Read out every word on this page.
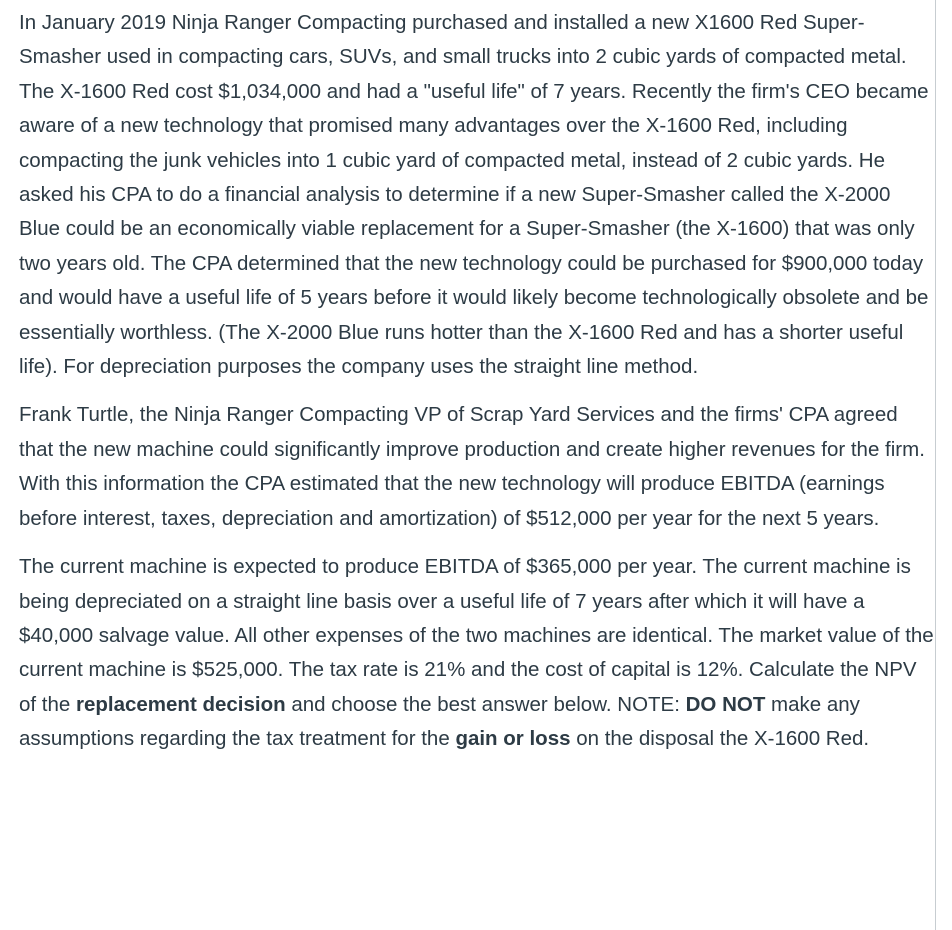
In January 2019 Ninja Ranger Compacting purchased and installed a new X1600 Red Super-Smasher used in compacting cars, SUVs, and small trucks into 2 cubic yards of compacted metal. The X-1600 Red cost $1,034,000 and had a "useful life" of 7 years. Recently the firm's CEO became aware of a new technology that promised many advantages over the X-1600 Red, including compacting the junk vehicles into 1 cubic yard of compacted metal, instead of 2 cubic yards. He asked his CPA to do a financial analysis to determine if a new Super-Smasher called the X-2000 Blue could be an economically viable replacement for a Super-Smasher (the X-1600) that was only two years old. The CPA determined that the new technology could be purchased for $900,000 today and would have a useful life of 5 years before it would likely become technologically obsolete and be essentially worthless. (The X-2000 Blue runs hotter than the X-1600 Red and has a shorter useful life). For depreciation purposes the company uses the straight line method.

Frank Turtle, the Ninja Ranger Compacting VP of Scrap Yard Services and the firms' CPA agreed that the new machine could significantly improve production and create higher revenues for the firm. With this information the CPA estimated that the new technology will produce EBITDA (earnings before interest, taxes, depreciation and amortization) of $512,000 per year for the next 5 years.

The current machine is expected to produce EBITDA of $365,000 per year. The current machine is being depreciated on a straight line basis over a useful life of 7 years after which it will have a $40,000 salvage value. All other expenses of the two machines are identical. The market value of the current machine is $525,000. The tax rate is 21% and the cost of capital is 12%. Calculate the NPV of the replacement decision and choose the best answer below. NOTE: DO NOT make any assumptions regarding the tax treatment for the gain or loss on the disposal the X-1600 Red.
